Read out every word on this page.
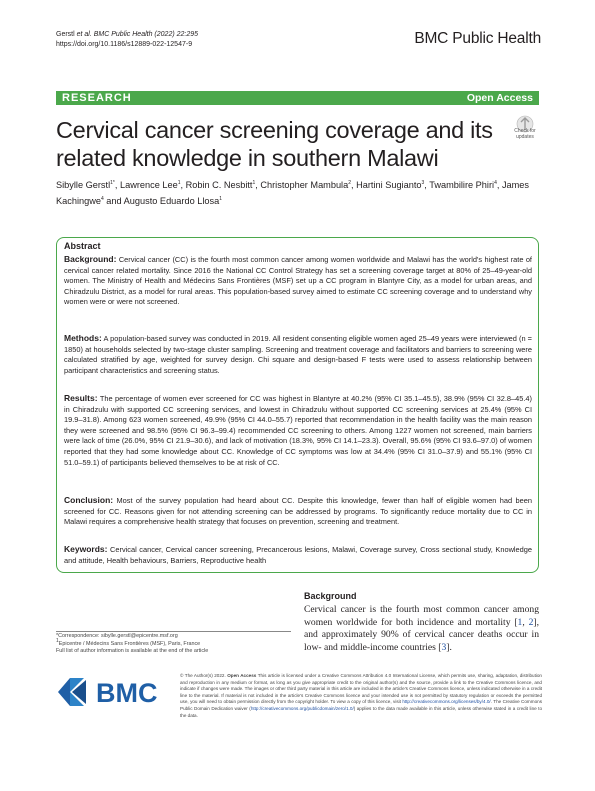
Gerstl et al. BMC Public Health (2022) 22:295
https://doi.org/10.1186/s12889-022-12547-9	BMC Public Health
RESEARCH	Open Access
Cervical cancer screening coverage and its related knowledge in southern Malawi
Check for updates
Sibylle Gerstl$^{1*}$, Lawrence Lee$^1$, Robin C. Nesbitt$^1$, Christopher Mambula$^2$, Hartini Sugianto$^3$, Twambilire Phiri$^4$, James Kachingwe$^4$ and Augusto Eduardo Llosa$^1$
Abstract
Background: Cervical cancer (CC) is the fourth most common cancer among women worldwide and Malawi has the world's highest rate of cervical cancer related mortality. Since 2016 the National CC Control Strategy has set a screening coverage target at 80% of 25–49-year-old women. The Ministry of Health and Médecins Sans Frontières (MSF) set up a CC program in Blantyre City, as a model for urban areas, and Chiradzulu District, as a model for rural areas. This population-based survey aimed to estimate CC screening coverage and to understand why women were or were not screened.
Methods: A population-based survey was conducted in 2019. All resident consenting eligible women aged 25–49 years were interviewed (n = 1850) at households selected by two-stage cluster sampling. Screening and treatment coverage and facilitators and barriers to screening were calculated stratified by age, weighted for survey design. Chi square and design-based F tests were used to assess relationship between participant characteristics and screening status.
Results: The percentage of women ever screened for CC was highest in Blantyre at 40.2% (95% CI 35.1–45.5), 38.9% (95% CI 32.8–45.4) in Chiradzulu with supported CC screening services, and lowest in Chiradzulu without supported CC screening services at 25.4% (95% CI 19.9–31.8). Among 623 women screened, 49.9% (95% CI 44.0–55.7) reported that recommendation in the health facility was the main reason they were screened and 98.5% (95% CI 96.3–99.4) recommended CC screening to others. Among 1227 women not screened, main barriers were lack of time (26.0%, 95% CI 21.9–30.6), and lack of motivation (18.3%, 95% CI 14.1–23.3). Overall, 95.6% (95% CI 93.6–97.0) of women reported that they had some knowledge about CC. Knowledge of CC symptoms was low at 34.4% (95% CI 31.0–37.9) and 55.1% (95% CI 51.0–59.1) of participants believed themselves to be at risk of CC.
Conclusion: Most of the survey population had heard about CC. Despite this knowledge, fewer than half of eligible women had been screened for CC. Reasons given for not attending screening can be addressed by programs. To significantly reduce mortality due to CC in Malawi requires a comprehensive health strategy that focuses on prevention, screening and treatment.
Keywords: Cervical cancer, Cervical cancer screening, Precancerous lesions, Malawi, Coverage survey, Cross sectional study, Knowledge and attitude, Health behaviours, Barriers, Reproductive health
Background
Cervical cancer is the fourth most common cancer among women worldwide for both incidence and mortality [1, 2], and approximately 90% of cervical cancer deaths occur in low- and middle-income countries [3].
*Correspondence: sibylle.gerstl@epicentre.msf.org
$^1$Epicentre / Médecins Sans Frontières (MSF), Paris, France
Full list of author information is available at the end of the article
BMC
© The Author(s) 2022. Open Access This article is licensed under a Creative Commons Attribution 4.0 International License, which permits use, sharing, adaptation, distribution and reproduction in any medium or format, as long as you give appropriate credit to the original author(s) and the source, provide a link to the Creative Commons licence, and indicate if changes were made. The images or other third party material in this article are included in the article's Creative Commons licence, unless indicated otherwise in a credit line to the material. If material is not included in the article's Creative Commons licence and your intended use is not permitted by statutory regulation or exceeds the permitted use, you will need to obtain permission directly from the copyright holder. To view a copy of this licence, visit http://creativecommons.org/licenses/by/4.0/. The Creative Commons Public Domain Dedication waiver (http://creativecommons.org/publicdomain/zero/1.0/) applies to the data made available in this article, unless otherwise stated in a credit line to the data.
